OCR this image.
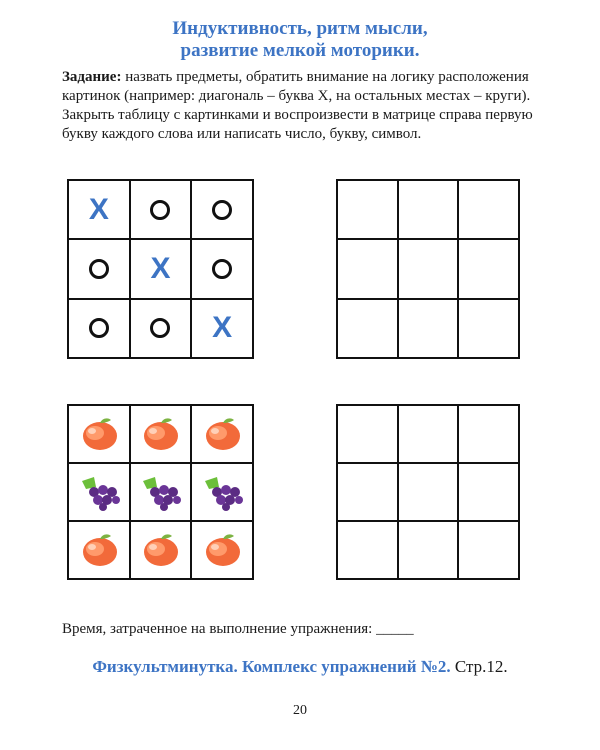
Индуктивность, ритм мысли,
развитие мелкой моторики.
Задание: назвать предметы, обратить внимание на логику расположения картинок (например: диагональ – буква Х, на остальных местах – круги).
Закрыть таблицу с картинками и воспроизвести в матрице справа первую букву каждого слова или написать число, букву, символ.
X
X
X
Время, затраченное на выполнение упражнения: _____
Физкультминутка. Комплекс упражнений №2. Стр.12.
20
